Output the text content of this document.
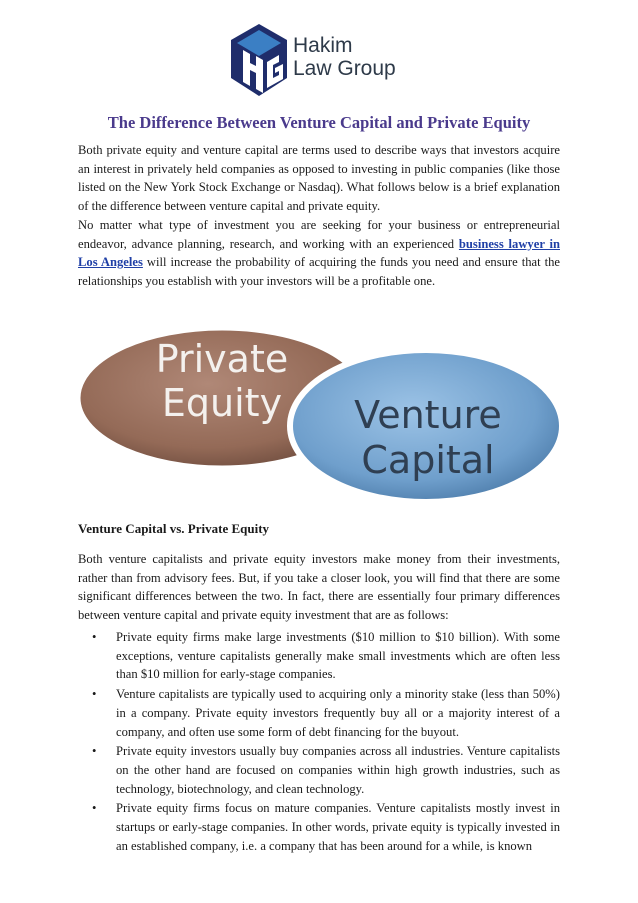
Hakim
Law Group
The Difference Between Venture Capital and Private Equity

Both private equity and venture capital are terms used to describe ways that investors acquire an interest in privately held companies as opposed to investing in public companies (like those listed on the New York Stock Exchange or Nasdaq). What follows below is a brief explanation of the difference between venture capital and private equity.

No matter what type of investment you are seeking for your business or entrepreneurial endeavor, advance planning, research, and working with an experienced business lawyer in Los Angeles will increase the probability of acquiring the funds you need and ensure that the relationships you establish with your investors will be a profitable one.

Private
Equity Venture
Capital
Venture Capital vs. Private Equity

Both venture capitalists and private equity investors make money from their investments, rather than from advisory fees. But, if you take a closer look, you will find that there are some significant differences between the two. In fact, there are essentially four primary differences between venture capital and private equity investment that are as follows:

• Private equity firms make large investments ($10 million to $10 billion). With some exceptions, venture capitalists generally make small investments which are often less than $10 million for early-stage companies.
• Venture capitalists are typically used to acquiring only a minority stake (less than 50%) in a company. Private equity investors frequently buy all or a majority interest of a company, and often use some form of debt financing for the buyout.
• Private equity investors usually buy companies across all industries. Venture capitalists on the other hand are focused on companies within high growth industries, such as technology, biotechnology, and clean technology.
• Private equity firms focus on mature companies. Venture capitalists mostly invest in startups or early-stage companies. In other words, private equity is typically invested in an established company, i.e. a company that has been around for a while, is known
